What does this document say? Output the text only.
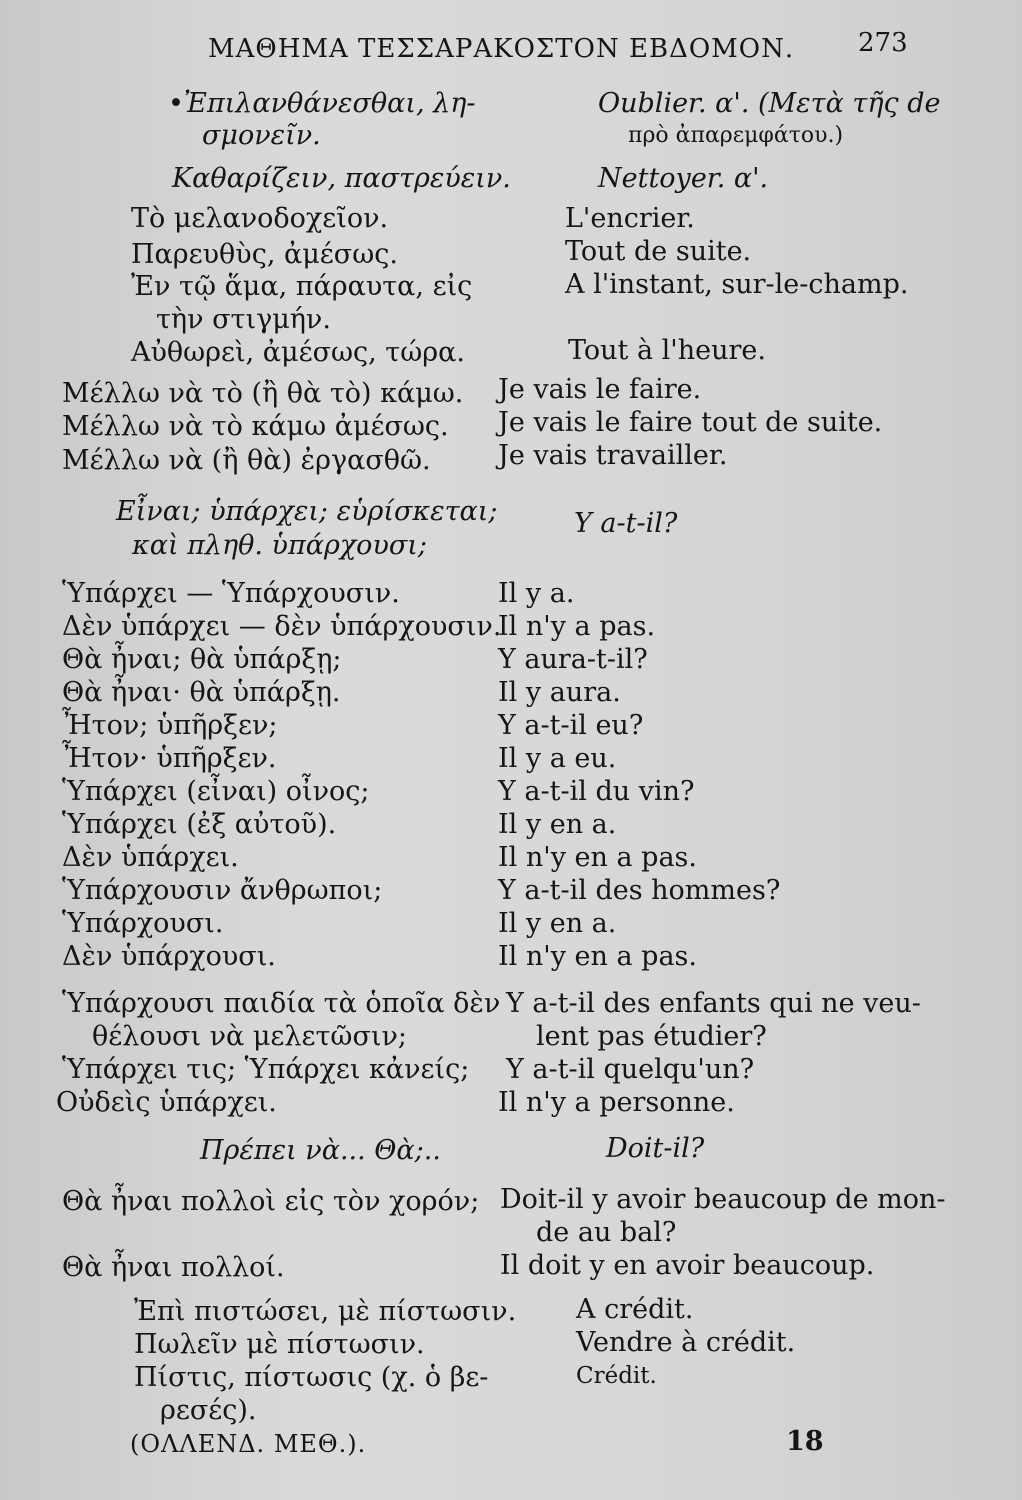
ΜΑΘΗΜΑ ΤΕΣΣΑΡΑΚΟΣΤΟΝ ΕΒΔΟΜΟΝ. 273
•Ἐπιλανθάνεσθαι, λη-
σμονεῖν.
Καθαρίζειν, παστρεύειν.
Τὸ μελανοδοχεῖον.
Παρευθὺς, ἀμέσως.
Ἐν τῷ ἅμα, πάραυτα, εἰς
τὴν στιγμήν.
Αὐθωρεὶ, ἀμέσως, τώρα.
Μέλλω νὰ τὸ (ἢ θὰ τὸ) κάμω.
Μέλλω νὰ τὸ κάμω ἀμέσως.
Μέλλω νὰ (ἢ θὰ) ἐργασθῶ.
Εἶναι; ὑπάρχει; εὑρίσκεται;
καὶ πληθ. ὑπάρχουσι;
Ὑπάρχει — Ὑπάρχουσιν.
Δὲν ὑπάρχει — δὲν ὑπάρχουσιν.
Θὰ ἦναι; θὰ ὑπάρξῃ;
Θὰ ἦναι· θὰ ὑπάρξῃ.
Ἦτον; ὑπῆρξεν;
Ἦτον· ὑπῆρξεν.
Ὑπάρχει (εἶναι) οἶνος;
Ὑπάρχει (ἐξ αὐτοῦ).
Δὲν ὑπάρχει.
Ὑπάρχουσιν ἄνθρωποι;
Ὑπάρχουσι.
Δὲν ὑπάρχουσι.
Ὑπάρχουσι παιδία τὰ ὁποῖα δὲν
θέλουσι νὰ μελετῶσιν;
Ὑπάρχει τις; Ὑπάρχει κἀνείς;
Οὐδεὶς ὑπάρχει.
Πρέπει νὰ... Θὰ;..
Θὰ ἦναι πολλοὶ εἰς τὸν χορόν;
Θὰ ἦναι πολλοί.
Ἐπὶ πιστώσει, μὲ πίστωσιν.
Πωλεῖν μὲ πίστωσιν.
Πίστις, πίστωσις (χ. ὁ βε-
ρεσές).
Oublier. α'. (Μετὰ τῆς de
πρὸ ἀπαρεμφάτου.)
Nettoyer. α'.
L'encrier.
Tout de suite.
A l'instant, sur-le-champ.
Tout à l'heure.
Je vais le faire.
Je vais le faire tout de suite.
Je vais travailler.
Y a-t-il?
Il y a.
Il n'y a pas.
Y aura-t-il?
Il y aura.
Y a-t-il eu?
Il y a eu.
Y a-t-il du vin?
Il y en a.
Il n'y en a pas.
Y a-t-il des hommes?
Il y en a.
Il n'y en a pas.
Y a-t-il des enfants qui ne veu-
lent pas étudier?
Y a-t-il quelqu'un?
Il n'y a personne.
Doit-il?
Doit-il y avoir beaucoup de mon-
de au bal?
Il doit y en avoir beaucoup.
A crédit.
Vendre à crédit.
Crédit.
(ΟΛΛΕΝΔ. ΜΕΘ.).	18
